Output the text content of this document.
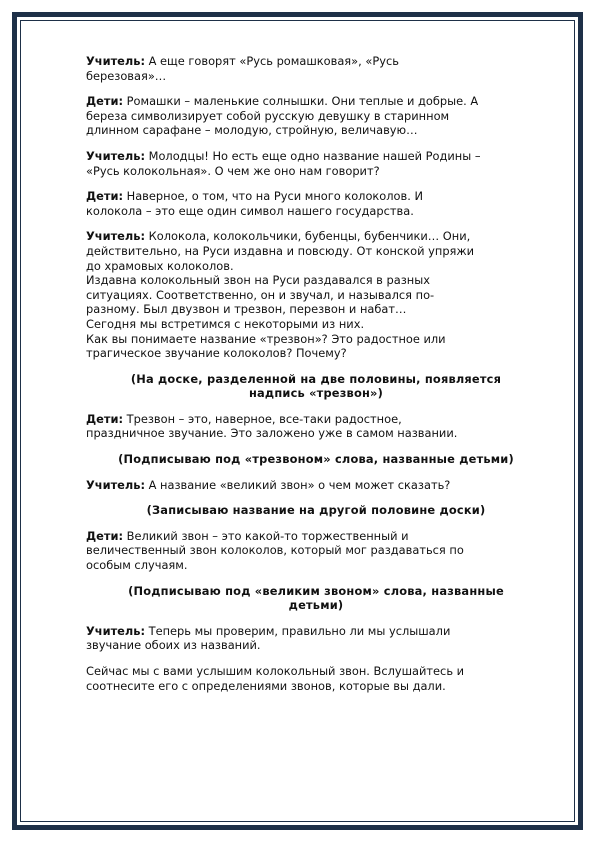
Учитель: А еще говорят «Русь ромашковая», «Русь
березовая»…
Дети: Ромашки – маленькие солнышки. Они теплые и добрые. А
береза символизирует собой русскую девушку в старинном
длинном сарафане – молодую, стройную, величавую…
Учитель: Молодцы! Но есть еще одно название нашей Родины –
«Русь колокольная». О чем же оно нам говорит?
Дети: Наверное, о том, что на Руси много колоколов. И
колокола – это еще один символ нашего государства.
Учитель: Колокола, колокольчики, бубенцы, бубенчики… Они,
действительно, на Руси издавна и повсюду. От конской упряжи
до храмовых колоколов.
Издавна колокольный звон на Руси раздавался в разных
ситуациях. Соответственно, он и звучал, и назывался по-
разному. Был двузвон и трезвон, перезвон и набат…
Сегодня мы встретимся с некоторыми из них.
Как вы понимаете название «трезвон»? Это радостное или
трагическое звучание колоколов? Почему?
(На доске, разделенной на две половины, появляется
надпись «трезвон»)
Дети: Трезвон – это, наверное, все-таки радостное,
праздничное звучание. Это заложено уже в самом названии.
(Подписываю под «трезвоном» слова, названные детьми)
Учитель: А название «великий звон» о чем может сказать?
(Записываю название на другой половине доски)
Дети: Великий звон – это какой-то торжественный и
величественный звон колоколов, который мог раздаваться по
особым случаям.
(Подписываю под «великим звоном» слова, названные
детьми)
Учитель: Теперь мы проверим, правильно ли мы услышали
звучание обоих из названий.
Сейчас мы с вами услышим колокольный звон. Вслушайтесь и
соотнесите его с определениями звонов, которые вы дали.
